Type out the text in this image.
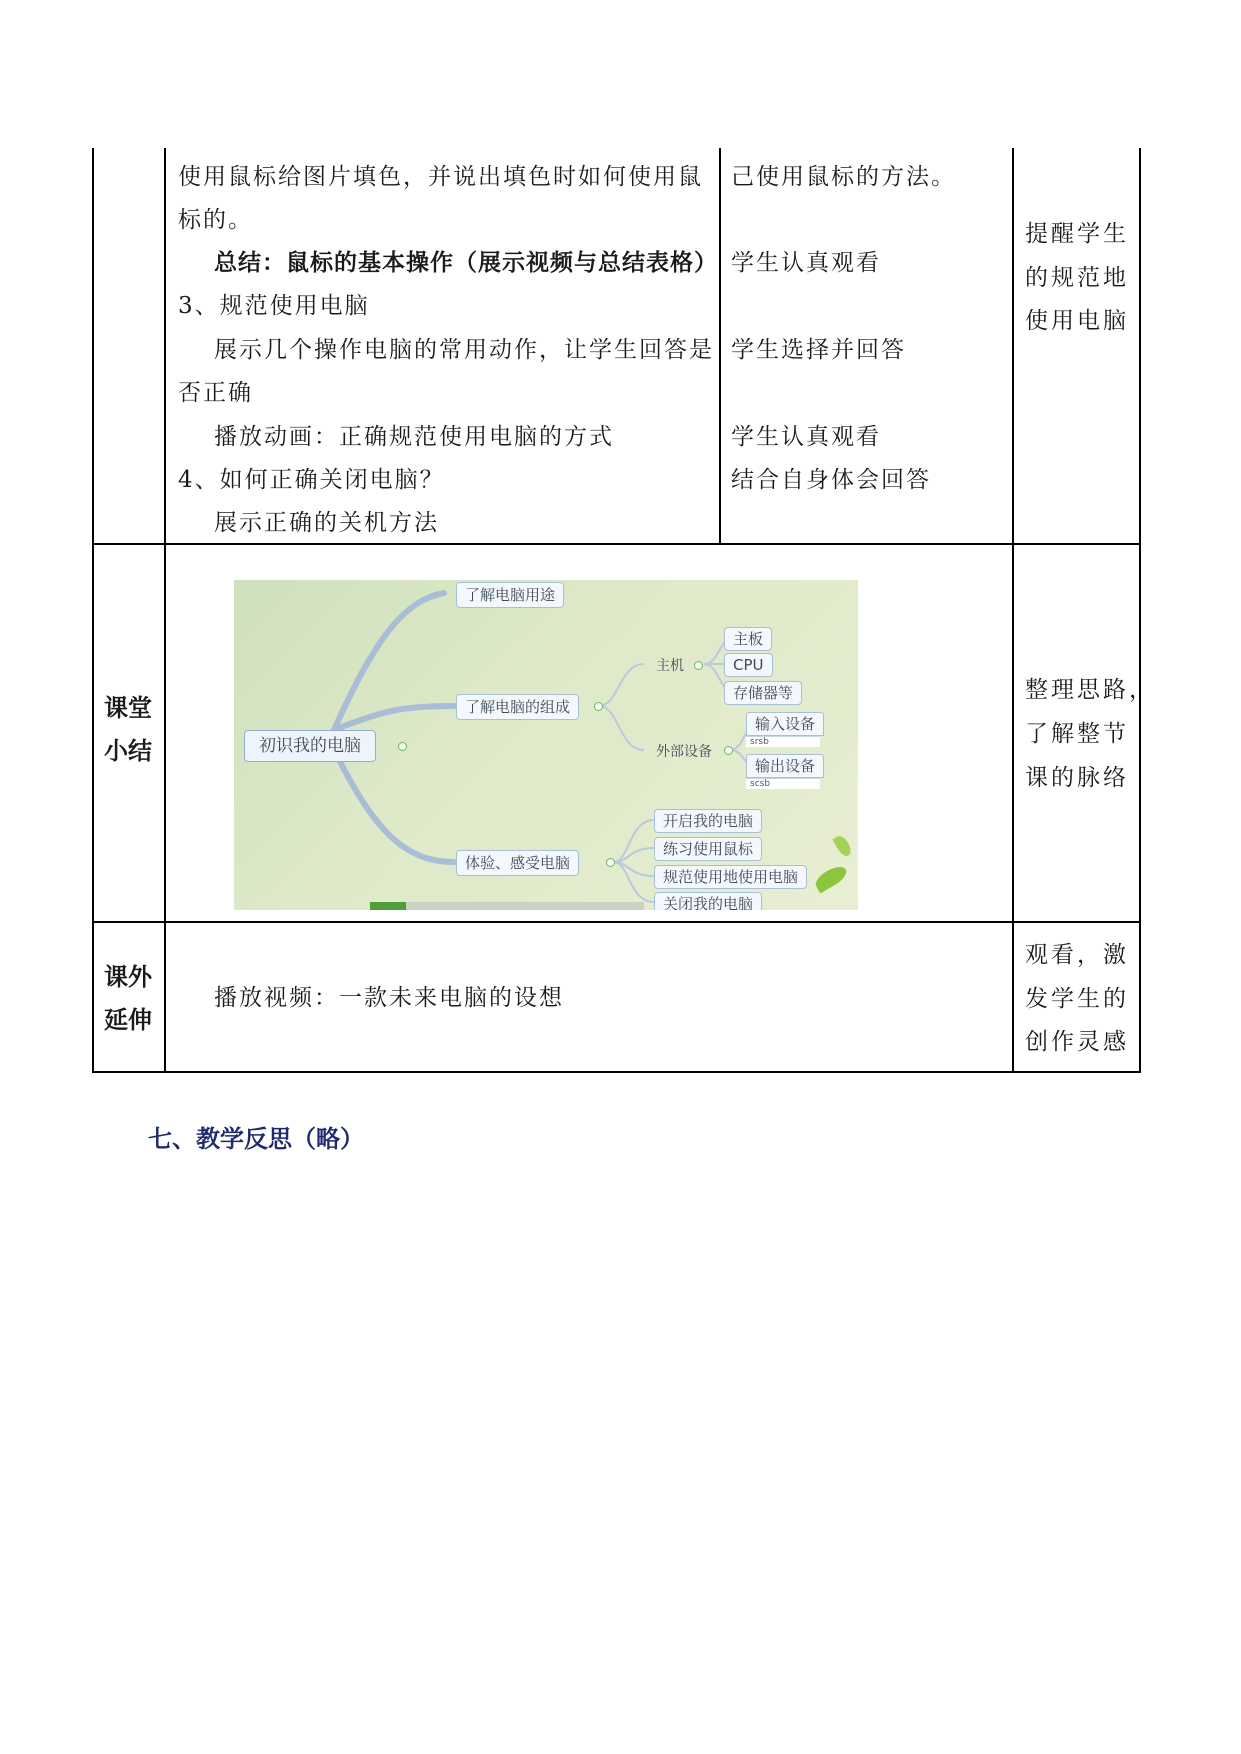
使用鼠标给图片填色，并说出填色时如何使用鼠
标的。
总结：鼠标的基本操作（展示视频与总结表格）
3、规范使用电脑
展示几个操作电脑的常用动作，让学生回答是
否正确
播放动画：正确规范使用电脑的方式
4、如何正确关闭电脑？
展示正确的关机方法
己使用鼠标的方法。
学生认真观看
学生选择并回答
学生认真观看
结合自身体会回答
提醒学生
的规范地
使用电脑
课堂
小结	初识我的电脑
了解电脑用途
了解电脑的组成
主机
主板
CPU
存储器等
外部设备
输入设备
srsb
输出设备
scsb
体验、感受电脑
开启我的电脑
练习使用鼠标
规范使用地使用电脑
关闭我的电脑
整理思路，
了解整节
课的脉络
课外
延伸
播放视频：一款未来电脑的设想
观看，激
发学生的
创作灵感
七、教学反思（略）
